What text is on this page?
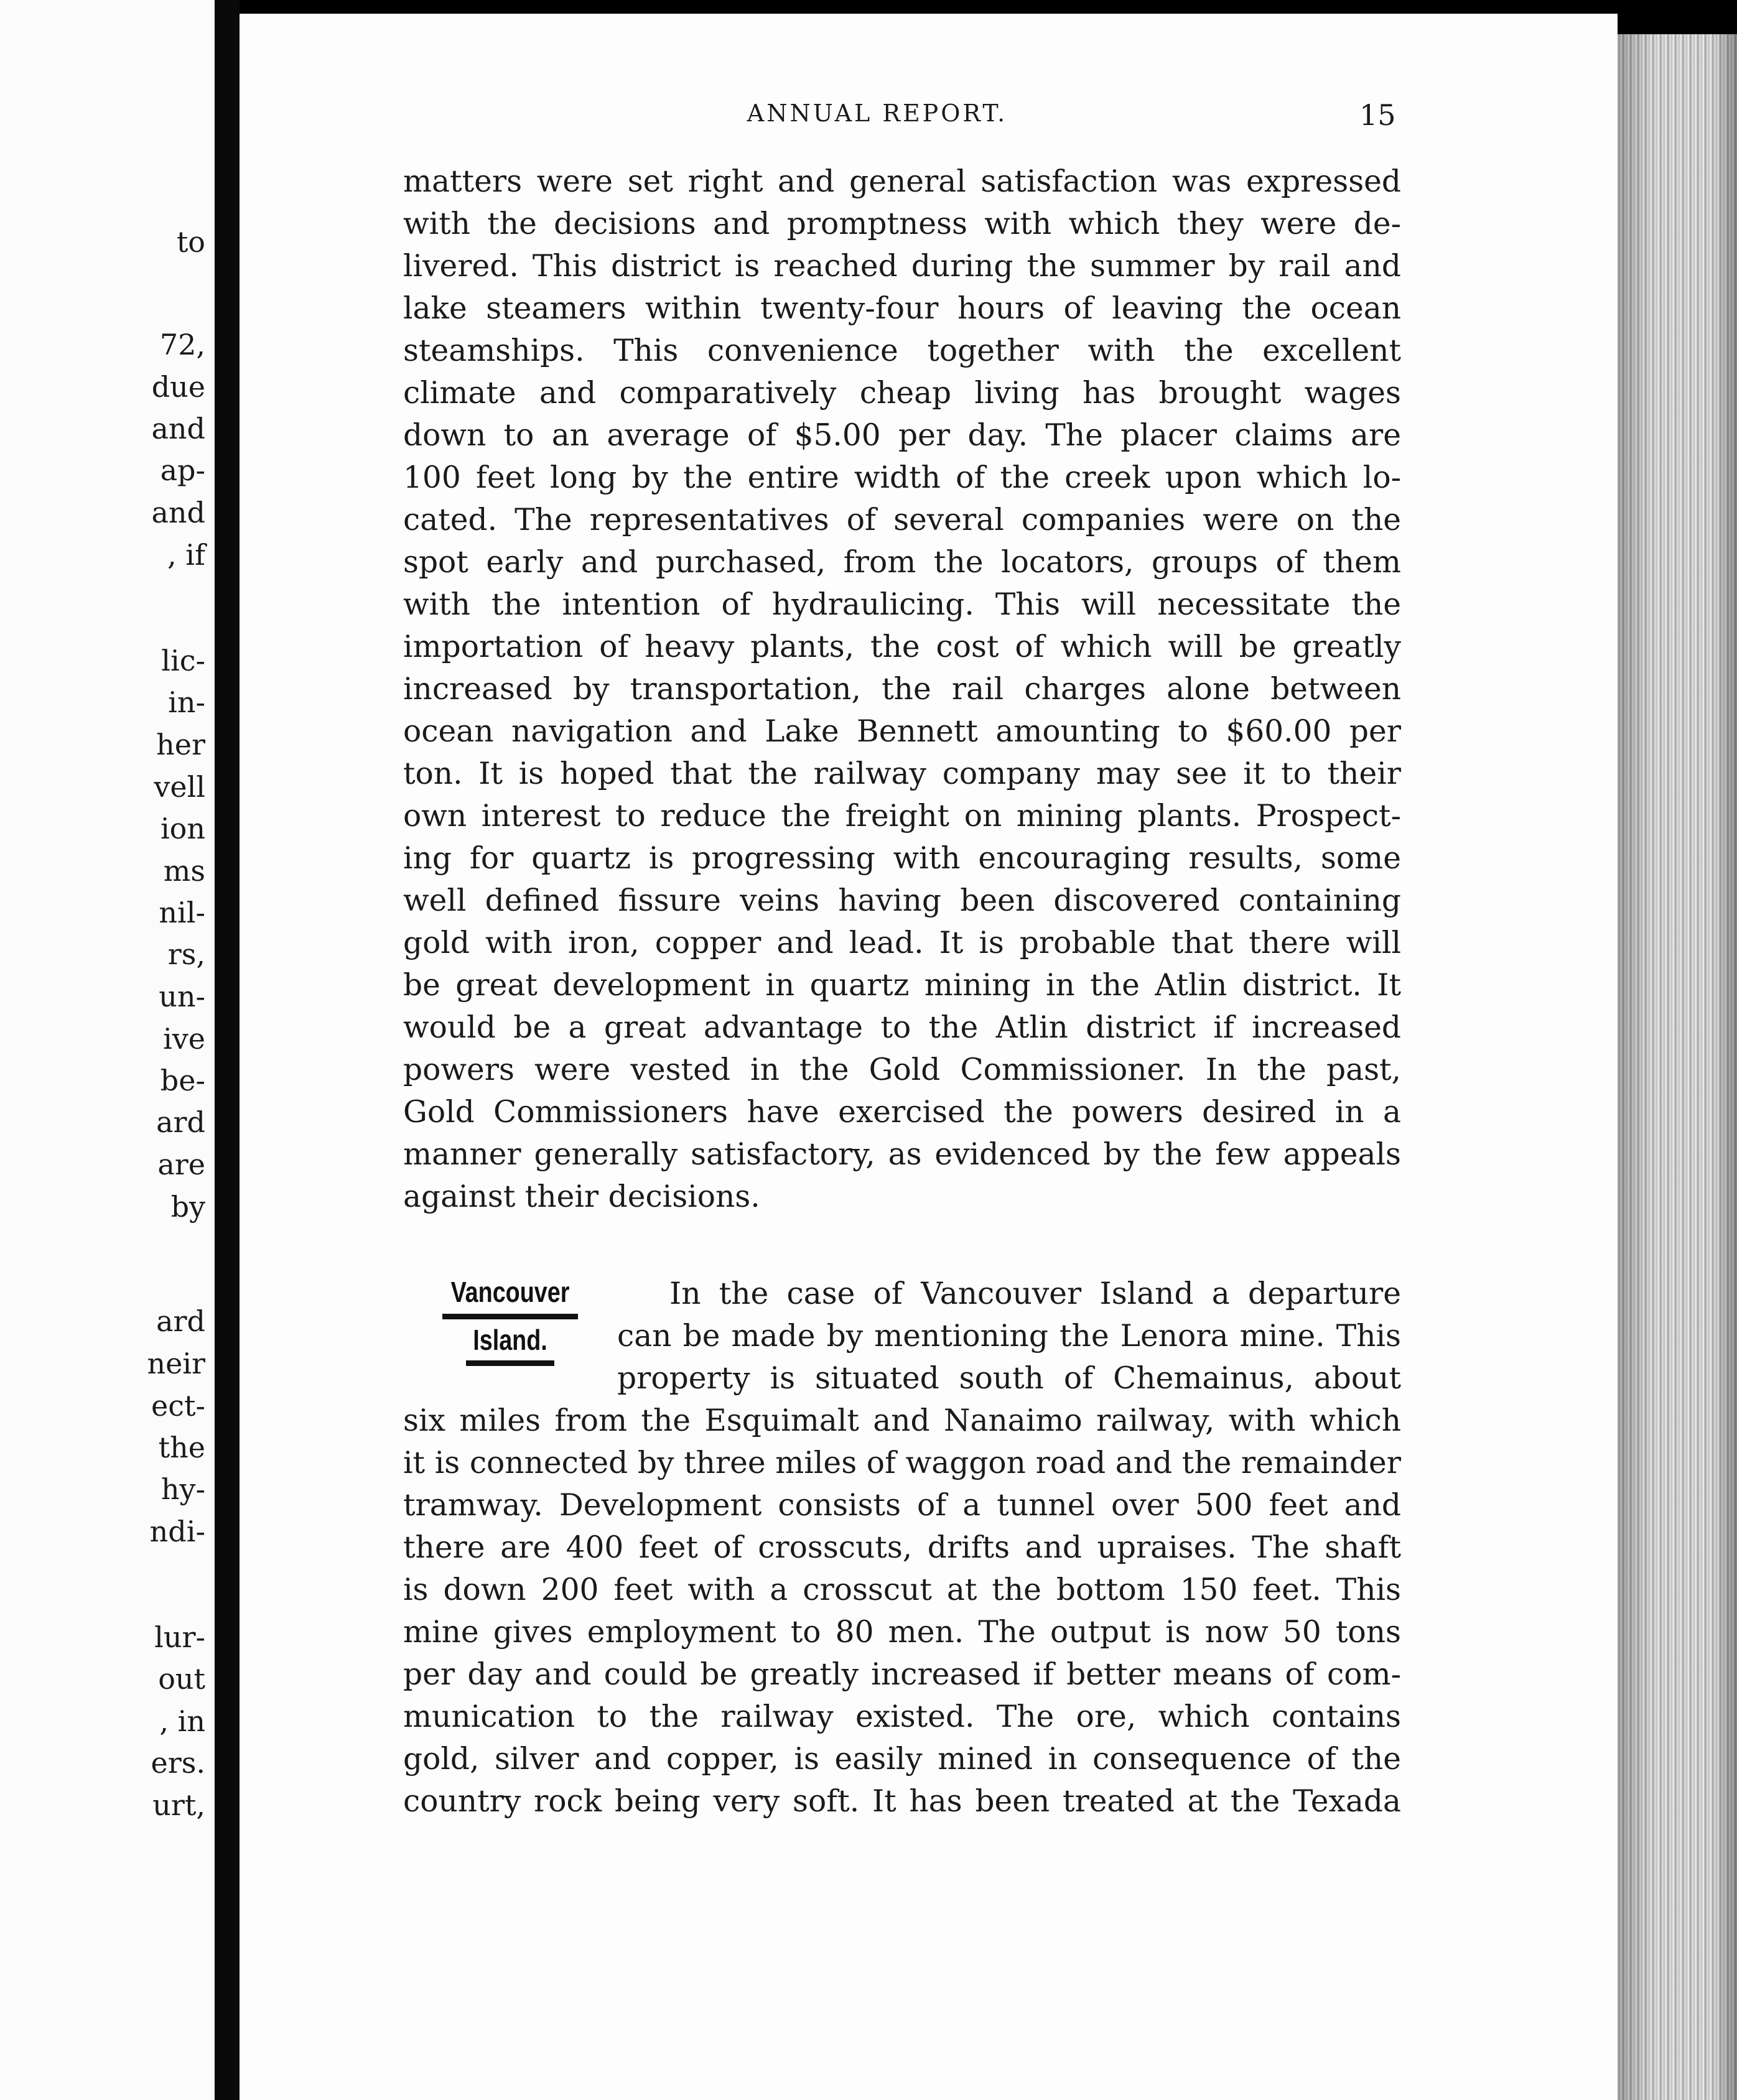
to
72,
due
and
ap-
and
, if
lic-
in-
her
vell
ion
ms
nil-
rs,
un-
ive
be-
ard
are
by
ard
neir
ect-
the
hy-
ndi-
lur-
out
, in
ers.
urt,
ANNUAL REPORT.	15
matters were set right and general satisfaction was expressed
with the decisions and promptness with which they were de-
livered. This district is reached during the summer by rail and
lake steamers within twenty-four hours of leaving the ocean
steamships. This convenience together with the excellent
climate and comparatively cheap living has brought wages
down to an average of $5.00 per day. The placer claims are
100 feet long by the entire width of the creek upon which lo-
cated. The representatives of several companies were on the
spot early and purchased, from the locators, groups of them
with the intention of hydraulicing. This will necessitate the
importation of heavy plants, the cost of which will be greatly
increased by transportation, the rail charges alone between
ocean navigation and Lake Bennett amounting to $60.00 per
ton. It is hoped that the railway company may see it to their
own interest to reduce the freight on mining plants. Prospect-
ing for quartz is progressing with encouraging results, some
well defined fissure veins having been discovered containing
gold with iron, copper and lead. It is probable that there will
be great development in quartz mining in the Atlin district. It
would be a great advantage to the Atlin district if increased
powers were vested in the Gold Commissioner. In the past,
Gold Commissioners have exercised the powers desired in a
manner generally satisfactory, as evidenced by the few appeals
against their decisions.
Vancouver
Island.
In the case of Vancouver Island a departure
can be made by mentioning the Lenora mine. This
property is situated south of Chemainus, about
six miles from the Esquimalt and Nanaimo railway, with which
it is connected by three miles of waggon road and the remainder
tramway. Development consists of a tunnel over 500 feet and
there are 400 feet of crosscuts, drifts and upraises. The shaft
is down 200 feet with a crosscut at the bottom 150 feet. This
mine gives employment to 80 men. The output is now 50 tons
per day and could be greatly increased if better means of com-
munication to the railway existed. The ore, which contains
gold, silver and copper, is easily mined in consequence of the
country rock being very soft. It has been treated at the Texada
